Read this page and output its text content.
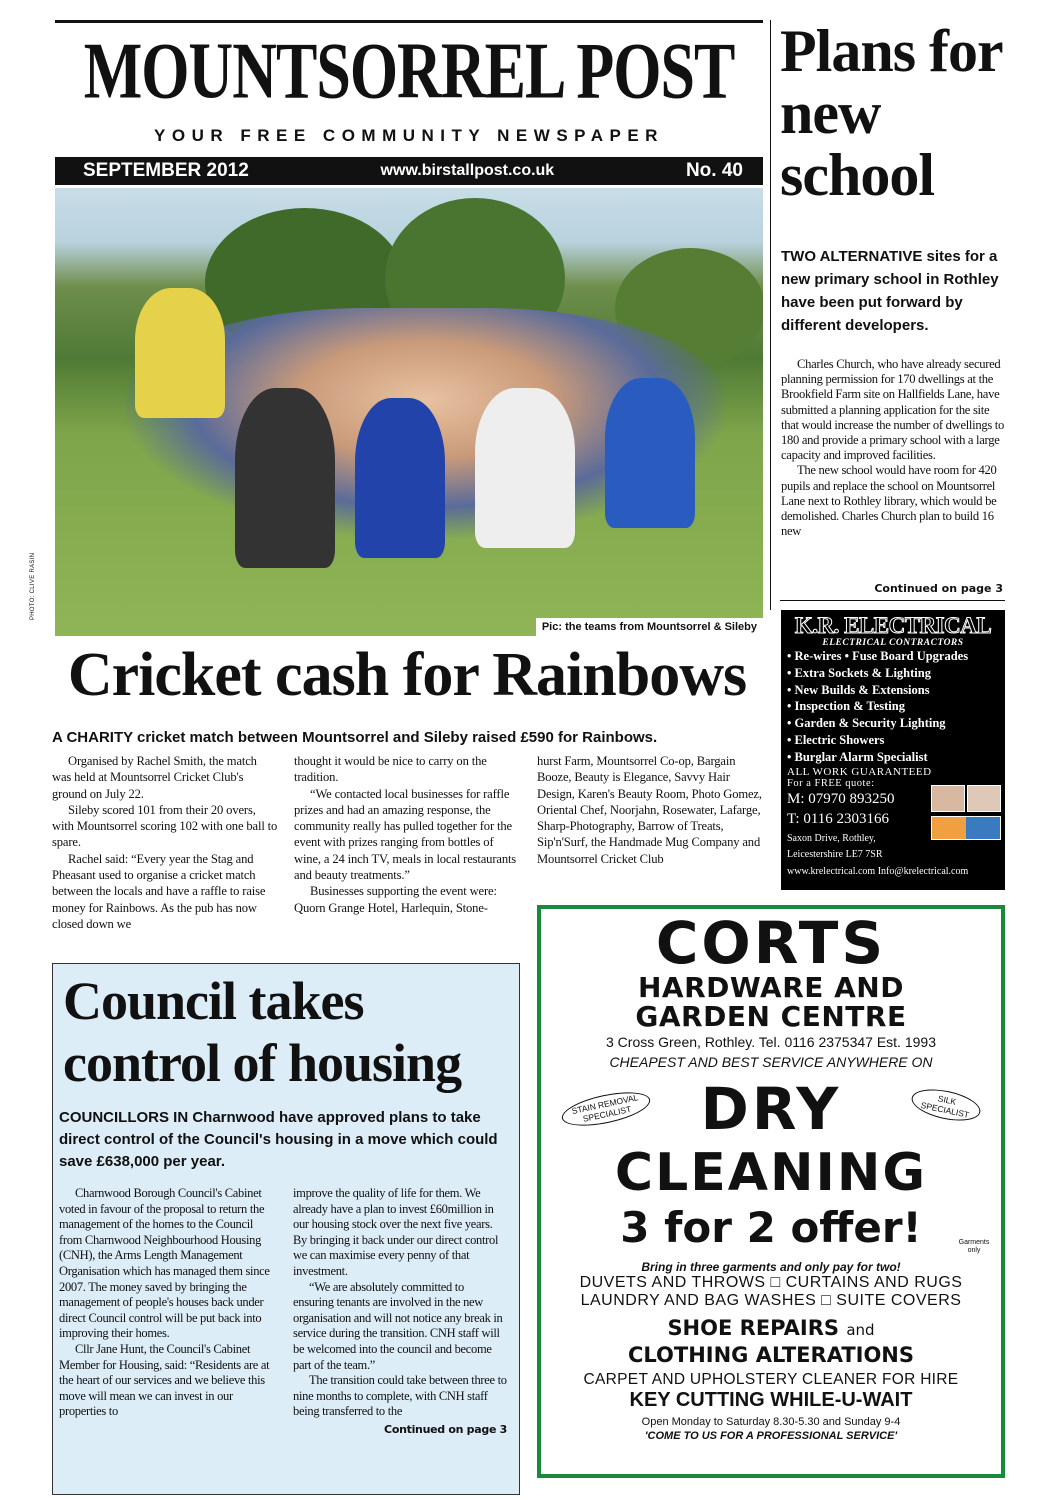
MOUNTSORREL POST
YOUR FREE COMMUNITY NEWSPAPER
SEPTEMBER 2012	www.birstallpost.co.uk	No. 40
Pic: the teams from Mountsorrel & Sileby
PHOTO: CLIVE RASIN
Cricket cash for Rainbows
A CHARITY cricket match between Mountsorrel and Sileby raised £590 for Rainbows.

Organised by Rachel Smith, the match was held at Mountsorrel Cricket Club's ground on July 22.

Sileby scored 101 from their 20 overs, with Mountsorrel scoring 102 with one ball to spare.

Rachel said: “Every year the Stag and Pheasant used to organise a cricket match between the locals and have a raffle to raise money for Rainbows. As the pub has now closed down we

thought it would be nice to carry on the tradition.

“We contacted local businesses for raffle prizes and had an amazing response, the community really has pulled together for the event with prizes ranging from bottles of wine, a 24 inch TV, meals in local restaurants and beauty treatments.”

Businesses supporting the event were: Quorn Grange Hotel, Harlequin, Stone-

hurst Farm, Mountsorrel Co-op, Bargain Booze, Beauty is Elegance, Savvy Hair Design, Karen's Beauty Room, Photo Gomez, Oriental Chef, Noorjahn, Rosewater, Lafarge, Sharp-Photography, Barrow of Treats, Sip'n'Surf, the Handmade Mug Company and Mountsorrel Cricket Club

Plans for new school
TWO ALTERNATIVE sites for a new primary school in Rothley have been put forward by different developers.

Charles Church, who have already secured planning permission for 170 dwellings at the Brookfield Farm site on Hallfields Lane, have submitted a planning application for the site that would increase the number of dwellings to 180 and provide a primary school with a large capacity and improved facilities.

The new school would have room for 420 pupils and replace the school on Mountsorrel Lane next to Rothley library, which would be demolished. Charles Church plan to build 16 new

Continued on page 3
K.R. ELECTRICAL
ELECTRICAL CONTRACTORS
• Re-wires • Fuse Board Upgrades
• Extra Sockets & Lighting
• New Builds & Extensions
• Inspection & Testing
• Garden & Security Lighting
• Electric Showers
• Burglar Alarm Specialist
ALL WORK GUARANTEED
For a FREE quote:
M: 07970 893250
T: 0116 2303166
Saxon Drive, Rothley,
Leicestershire LE7 7SR
www.krelectrical.com Info@krelectrical.com
Council takes control of housing
COUNCILLORS IN Charnwood have approved plans to take direct control of the Council's housing in a move which could save £638,000 per year.

Charnwood Borough Council's Cabinet voted in favour of the proposal to return the management of the homes to the Council from Charnwood Neighbourhood Housing (CNH), the Arms Length Management Organisation which has managed them since 2007. The money saved by bringing the management of people's houses back under direct Council control will be put back into improving their homes.

Cllr Jane Hunt, the Council's Cabinet Member for Housing, said: “Residents are at the heart of our services and we believe this move will mean we can invest in our properties to

improve the quality of life for them. We already have a plan to invest £60million in our housing stock over the next five years. By bringing it back under our direct control we can maximise every penny of that investment.

“We are absolutely committed to ensuring tenants are involved in the new organisation and will not notice any break in service during the transition. CNH staff will be welcomed into the council and become part of the team.”

The transition could take between three to nine months to complete, with CNH staff being transferred to the

Continued on page 3
CORTS
HARDWARE AND
GARDEN CENTRE
3 Cross Green, Rothley. Tel. 0116 2375347 Est. 1993
CHEAPEST AND BEST SERVICE ANYWHERE ON
STAIN REMOVAL SPECIALIST
SILK SPECIALIST
DRY
CLEANING
3 for 2 offer!	Garments only
Bring in three garments and only pay for two!
DUVETS AND THROWS □ CURTAINS AND RUGS
LAUNDRY AND BAG WASHES □ SUITE COVERS
SHOE REPAIRS and
CLOTHING ALTERATIONS
CARPET AND UPHOLSTERY CLEANER FOR HIRE
KEY CUTTING WHILE-U-WAIT
Open Monday to Saturday 8.30-5.30 and Sunday 9-4
'COME TO US FOR A PROFESSIONAL SERVICE'
